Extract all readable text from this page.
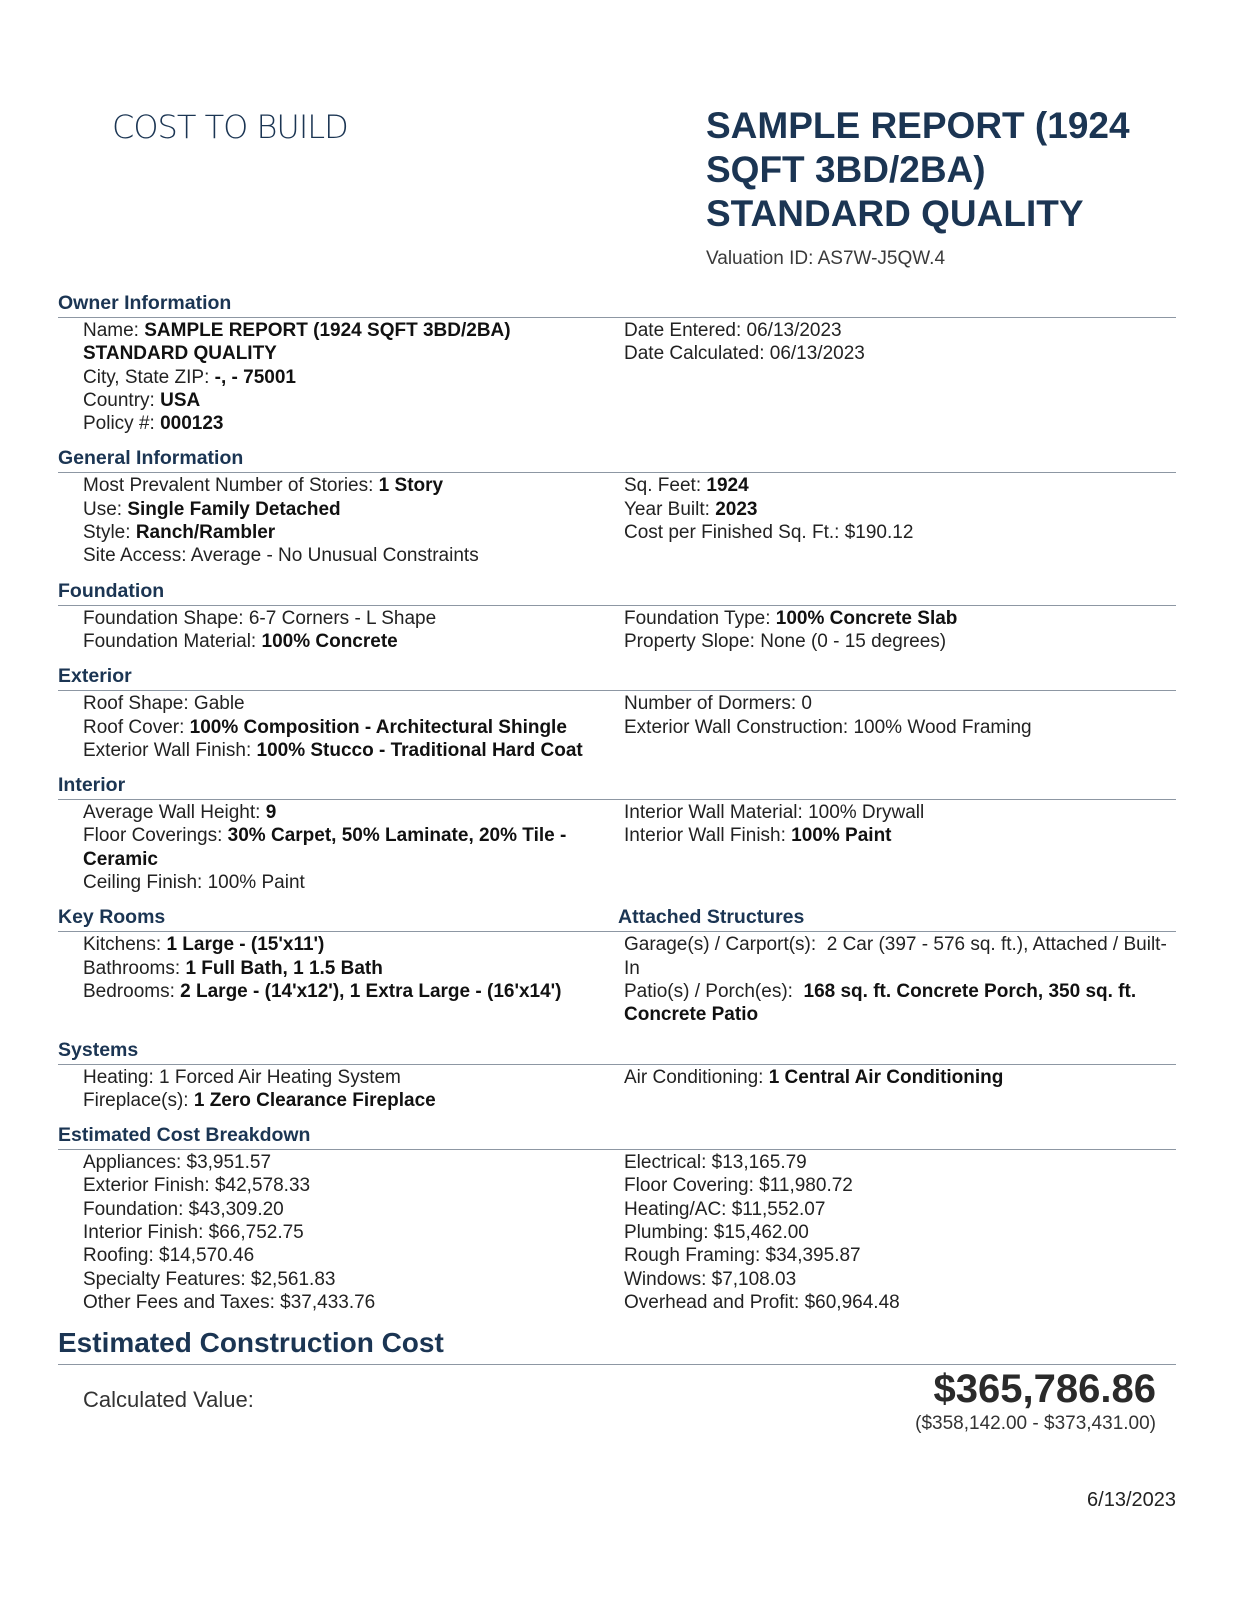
COST TO BUILD	SAMPLE REPORT (1924 SQFT 3BD/2BA) STANDARD QUALITY
Valuation ID: AS7W-J5QW.4
Owner Information
Name: SAMPLE REPORT (1924 SQFT 3BD/2BA) STANDARD QUALITY
City, State ZIP: -, - 75001
Country: USA
Policy #: 000123
Date Entered: 06/13/2023
Date Calculated: 06/13/2023
General Information
Most Prevalent Number of Stories: 1 Story
Use: Single Family Detached
Style: Ranch/Rambler
Site Access: Average - No Unusual Constraints
Sq. Feet: 1924
Year Built: 2023
Cost per Finished Sq. Ft.: $190.12
Foundation
Foundation Shape: 6-7 Corners - L Shape
Foundation Material: 100% Concrete
Foundation Type: 100% Concrete Slab
Property Slope: None (0 - 15 degrees)
Exterior
Roof Shape: Gable
Roof Cover: 100% Composition - Architectural Shingle
Exterior Wall Finish: 100% Stucco - Traditional Hard Coat
Number of Dormers: 0
Exterior Wall Construction: 100% Wood Framing
Interior
Average Wall Height: 9
Floor Coverings: 30% Carpet, 50% Laminate, 20% Tile - Ceramic
Ceiling Finish: 100% Paint
Interior Wall Material: 100% Drywall
Interior Wall Finish: 100% Paint
Key Rooms	Attached Structures
Kitchens: 1 Large - (15'x11')
Bathrooms: 1 Full Bath, 1 1.5 Bath
Bedrooms: 2 Large - (14'x12'), 1 Extra Large - (16'x14')
Garage(s) / Carport(s):  2 Car (397 - 576 sq. ft.), Attached / Built-In
Patio(s) / Porch(es):  168 sq. ft. Concrete Porch, 350 sq. ft. Concrete Patio
Systems
Heating: 1 Forced Air Heating System
Fireplace(s): 1 Zero Clearance Fireplace
Air Conditioning: 1 Central Air Conditioning
Estimated Cost Breakdown
Appliances: $3,951.57
Exterior Finish: $42,578.33
Foundation: $43,309.20
Interior Finish: $66,752.75
Roofing: $14,570.46
Specialty Features: $2,561.83
Other Fees and Taxes: $37,433.76
Electrical: $13,165.79
Floor Covering: $11,980.72
Heating/AC: $11,552.07
Plumbing: $15,462.00
Rough Framing: $34,395.87
Windows: $7,108.03
Overhead and Profit: $60,964.48
Estimated Construction Cost
Calculated Value:	$365,786.86
($358,142.00 - $373,431.00)
6/13/2023
